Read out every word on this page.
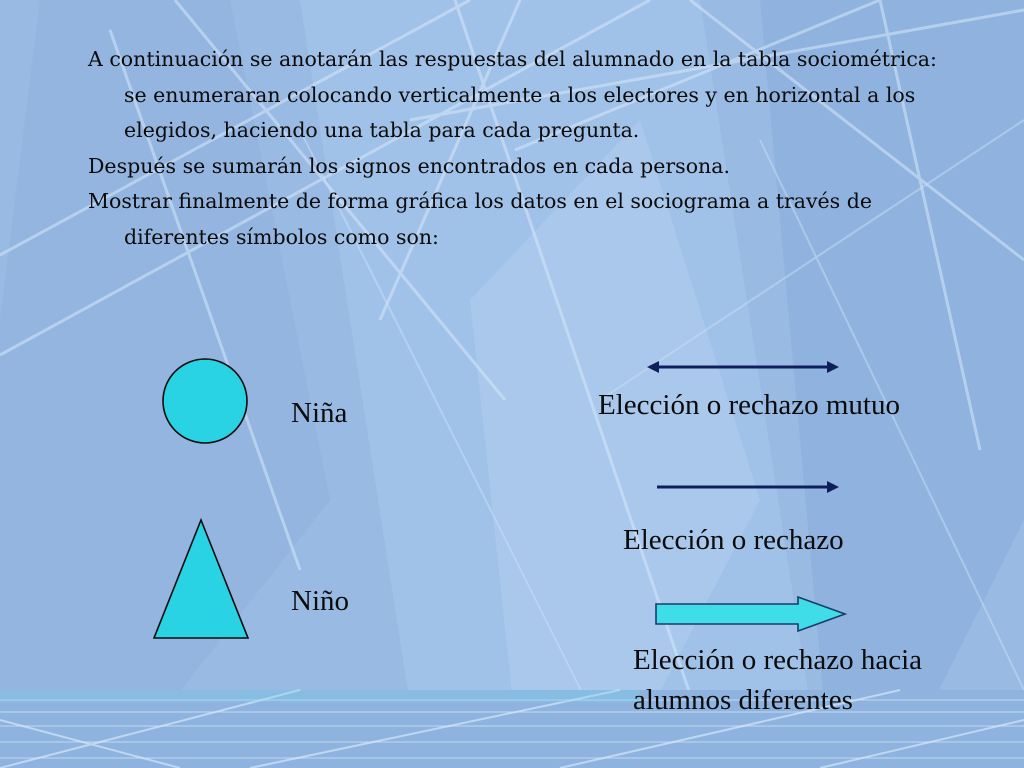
A continuación se anotarán las respuestas del alumnado en la tabla sociométrica: se enumeraran colocando verticalmente a los electores y en horizontal a los elegidos, haciendo una tabla para cada pregunta.

Después se sumarán los signos encontrados en cada persona.

Mostrar finalmente de forma gráfica los datos en el sociograma a través de diferentes símbolos como son:

Niña
Niño
Elección o rechazo mutuo
Elección o rechazo
Elección o rechazo hacia
alumnos diferentes
